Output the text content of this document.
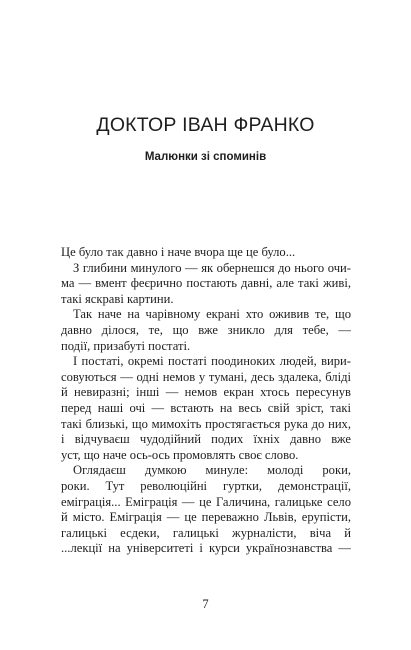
ДОКТОР ІВАН ФРАНКО
Малюнки зі споминів
Це було так давно і наче вчора ще це було...
З глибини минулого — як обернешся до нього очи-
ма — вмент феєрично постають давні, але такі живі,
такі яскраві картини.
Так наче на чарівному екрані хто оживив те, що
давно ділося, те, що вже зникло для тебе, —
події, призабуті постаті.
І постаті, окремі постаті поодиноких людей, вири-
совуються — одні немов у тумані, десь здалека, бліді
й невиразні; інші — немов екран хтось пересунув
перед наші очі — встають на весь свій зріст, такі
такі близькі, що мимохіть простягається рука до них,
і відчуваєш чудодійний подих їхніх давно вже
уст, що наче ось-ось промовлять своє слово.
Оглядаєш думкою минуле: молоді роки,
роки. Тут революційні гуртки, демонстрації,
еміграція... Еміграція — це Галичина, галицьке село
й місто. Еміграція — це переважно Львів, ерупісти,
галицькі есдеки, галицькі журналісти, віча й
...лекції на університеті і курси українознавства —
7
